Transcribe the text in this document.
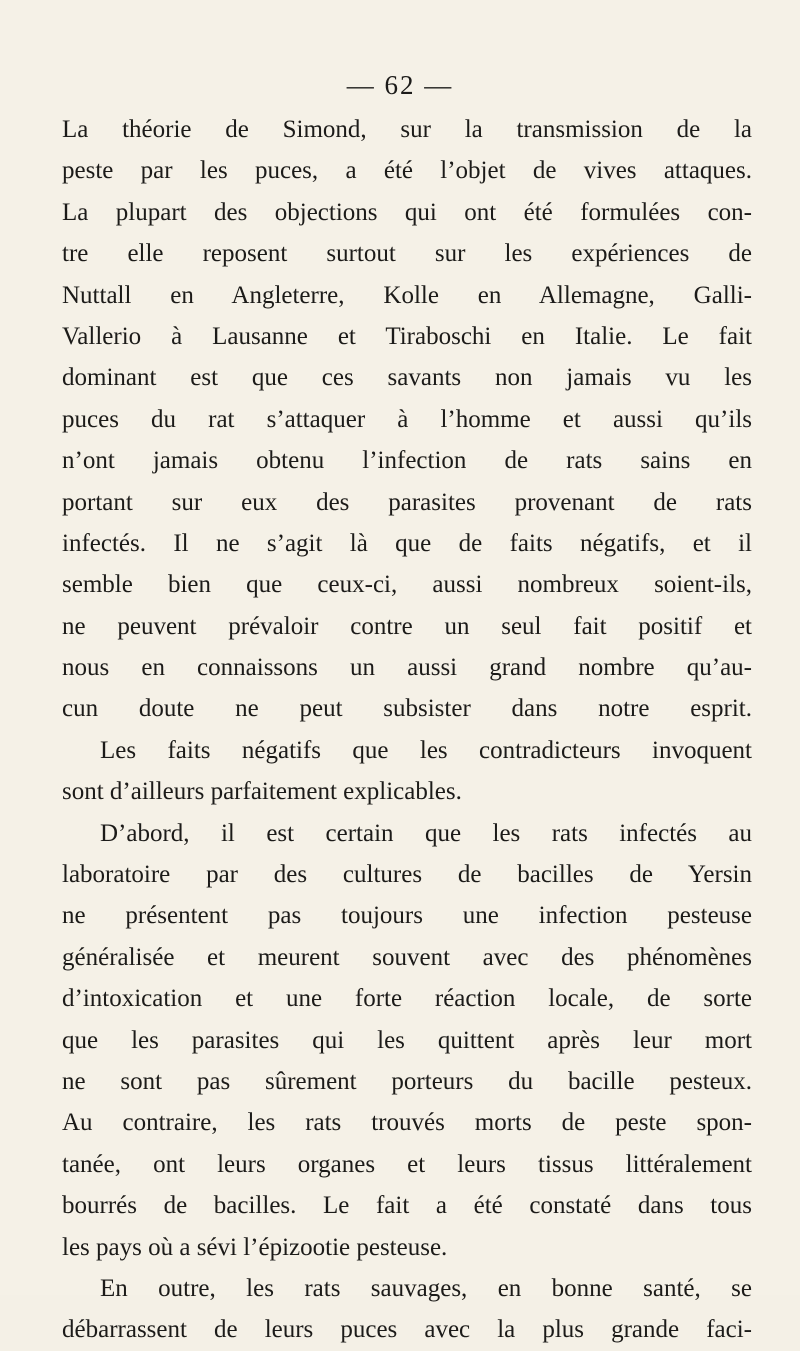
— 62 —
La théorie de Simond, sur la transmission de la
peste par les puces, a été l’objet de vives attaques.
La plupart des objections qui ont été formulées con-
tre elle reposent surtout sur les expériences de
Nuttall en Angleterre, Kolle en Allemagne, Galli-
Vallerio à Lausanne et Tiraboschi en Italie. Le fait
dominant est que ces savants non jamais vu les
puces du rat s’attaquer à l’homme et aussi qu’ils
n’ont jamais obtenu l’infection de rats sains en
portant sur eux des parasites provenant de rats
infectés. Il ne s’agit là que de faits négatifs, et il
semble bien que ceux-ci, aussi nombreux soient-ils,
ne peuvent prévaloir contre un seul fait positif et
nous en connaissons un aussi grand nombre qu’au-
cun doute ne peut subsister dans notre esprit.
Les faits négatifs que les contradicteurs invoquent
sont d’ailleurs parfaitement explicables.
D’abord, il est certain que les rats infectés au
laboratoire par des cultures de bacilles de Yersin
ne présentent pas toujours une infection pesteuse
généralisée et meurent souvent avec des phénomènes
d’intoxication et une forte réaction locale, de sorte
que les parasites qui les quittent après leur mort
ne sont pas sûrement porteurs du bacille pesteux.
Au contraire, les rats trouvés morts de peste spon-
tanée, ont leurs organes et leurs tissus littéralement
bourrés de bacilles. Le fait a été constaté dans tous
les pays où a sévi l’épizootie pesteuse.
En outre, les rats sauvages, en bonne santé, se
débarrassent de leurs puces avec la plus grande faci-
